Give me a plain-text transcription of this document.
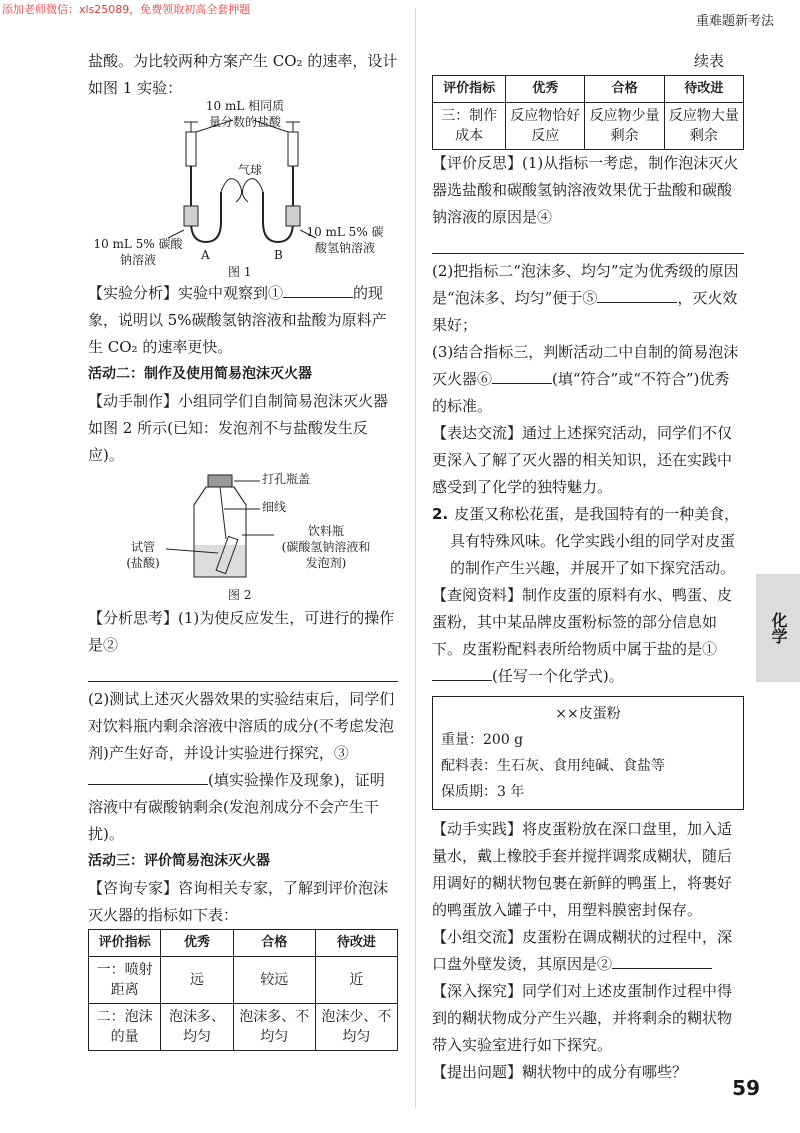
添加老师微信：xls25089，免费领取初高全套押题
重难题新考法

盐酸。为比较两种方案产生 CO₂ 的速率，设计如图 1 实验：

10 mL 相同质量分数的盐酸
气球
10 mL 5% 碳酸钠溶液
10 mL 5% 碳酸氢钠溶液
A	B
图 1

【实验分析】实验中观察到①	的现象，说明以 5%碳酸氢钠溶液和盐酸为原料产生 CO₂ 的速率更快。

活动二：制作及使用简易泡沫灭火器

【动手制作】小组同学们自制简易泡沫灭火器如图 2 所示(已知：发泡剂不与盐酸发生反应)。

打孔瓶盖
细线
试管
(盐酸)
饮料瓶
(碳酸氢钠溶液和发泡剂)
图 2

【分析思考】(1)为使反应发生，可进行的操作是②

(2)测试上述灭火器效果的实验结束后，同学们对饮料瓶内剩余溶液中溶质的成分(不考虑发泡剂)产生好奇，并设计实验进行探究，③(填实验操作及现象)，证明溶液中有碳酸钠剩余(发泡剂成分不会产生干扰)。

活动三：评价简易泡沫灭火器

【咨询专家】咨询相关专家，了解到评价泡沫灭火器的指标如下表：

评价指标	优秀	合格	待改进
一：喷射距离	远	较远	近
二：泡沫的量	泡沫多、均匀	泡沫多、不均匀	泡沫少、不均匀

续表

评价指标	优秀	合格	待改进
三：制作成本	反应物恰好反应	反应物少量剩余	反应物大量剩余

【评价反思】(1)从指标一考虑，制作泡沫灭火器选盐酸和碳酸氢钠溶液效果优于盐酸和碳酸钠溶液的原因是④

(2)把指标二“泡沫多、均匀”定为优秀级的原因是“泡沫多、均匀”便于⑤	，灭火效果好；

(3)结合指标三，判断活动二中自制的简易泡沫灭火器⑥	(填“符合”或“不符合”)优秀的标准。

【表达交流】通过上述探究活动，同学们不仅更深入了解了灭火器的相关知识，还在实践中感受到了化学的独特魅力。

2. 皮蛋又称松花蛋，是我国特有的一种美食，具有特殊风味。化学实践小组的同学对皮蛋的制作产生兴趣，并展开了如下探究活动。

【查阅资料】制作皮蛋的原料有水、鸭蛋、皮蛋粉，其中某品牌皮蛋粉标签的部分信息如下。皮蛋粉配料表所给物质中属于盐的是①(任写一个化学式)。

××皮蛋粉
重量：200 g
配料表：生石灰、食用纯碱、食盐等
保质期：3 年

【动手实践】将皮蛋粉放在深口盘里，加入适量水，戴上橡胶手套并搅拌调浆成糊状，随后用调好的糊状物包裹在新鲜的鸭蛋上，将裹好的鸭蛋放入罐子中，用塑料膜密封保存。

【小组交流】皮蛋粉在调成糊状的过程中，深口盘外壁发烫，其原因是②

【深入探究】同学们对上述皮蛋制作过程中得到的糊状物成分产生兴趣，并将剩余的糊状物带入实验室进行如下探究。

【提出问题】糊状物中的成分有哪些？

化学
59
